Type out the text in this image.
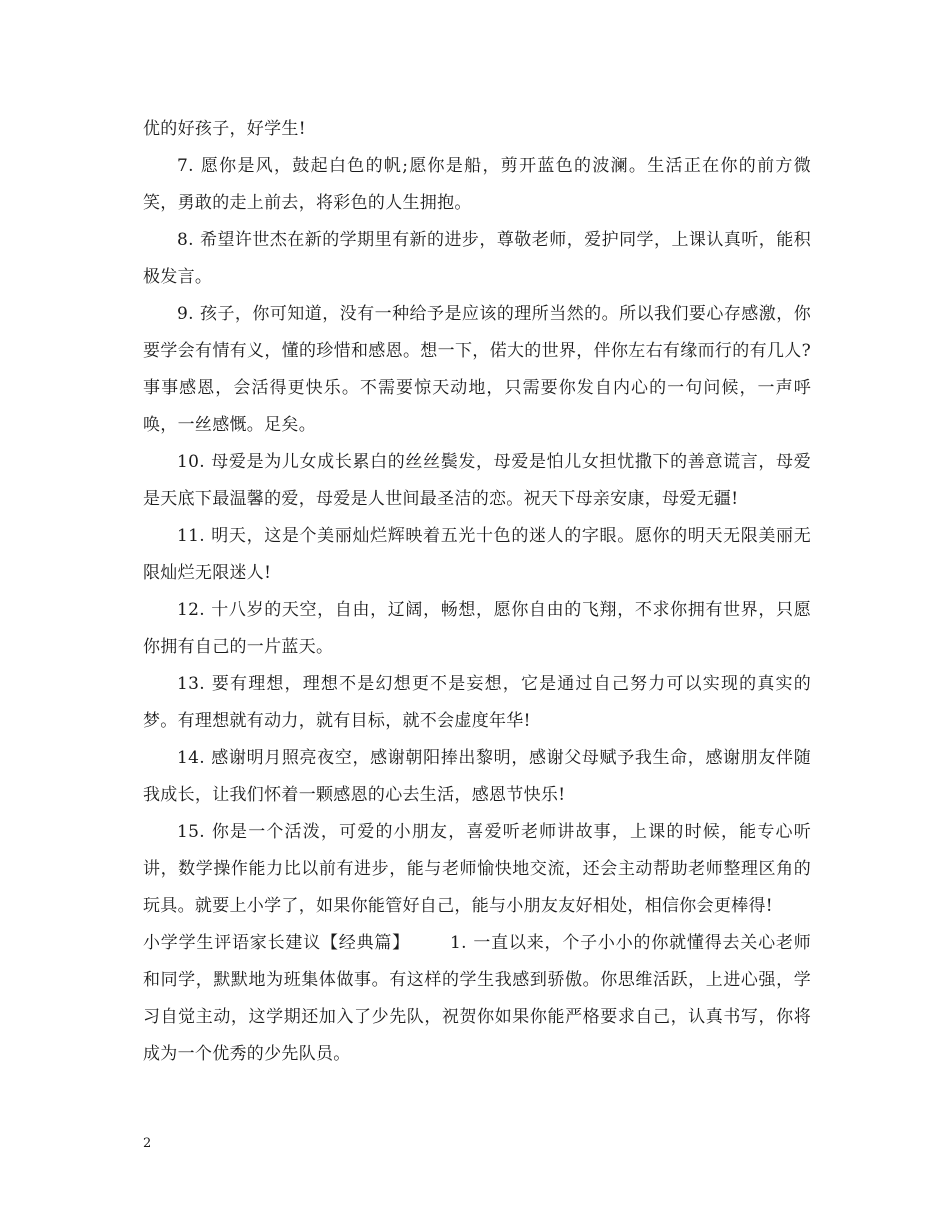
优的好孩子，好学生!

7. 愿你是风，鼓起白色的帆;愿你是船，剪开蓝色的波澜。生活正在你的前方微笑，勇敢的走上前去，将彩色的人生拥抱。

8. 希望许世杰在新的学期里有新的进步，尊敬老师，爱护同学，上课认真听，能积极发言。

9. 孩子，你可知道，没有一种给予是应该的理所当然的。所以我们要心存感激，你要学会有情有义，懂的珍惜和感恩。想一下，偌大的世界，伴你左右有缘而行的有几人?事事感恩，会活得更快乐。不需要惊天动地，只需要你发自内心的一句问候，一声呼唤，一丝感慨。足矣。

10. 母爱是为儿女成长累白的丝丝鬓发，母爱是怕儿女担忧撒下的善意谎言，母爱是天底下最温馨的爱，母爱是人世间最圣洁的恋。祝天下母亲安康，母爱无疆!

11. 明天，这是个美丽灿烂辉映着五光十色的迷人的字眼。愿你的明天无限美丽无限灿烂无限迷人!

12. 十八岁的天空，自由，辽阔，畅想，愿你自由的飞翔，不求你拥有世界，只愿你拥有自己的一片蓝天。

13. 要有理想，理想不是幻想更不是妄想，它是通过自己努力可以实现的真实的梦。有理想就有动力，就有目标，就不会虚度年华!

14. 感谢明月照亮夜空，感谢朝阳捧出黎明，感谢父母赋予我生命，感谢朋友伴随我成长，让我们怀着一颗感恩的心去生活，感恩节快乐!

15. 你是一个活泼，可爱的小朋友，喜爱听老师讲故事，上课的时候，能专心听讲，数学操作能力比以前有进步，能与老师愉快地交流，还会主动帮助老师整理区角的玩具。就要上小学了，如果你能管好自己，能与小朋友友好相处，相信你会更棒得!

小学学生评语家长建议【经典篇】 1. 一直以来，个子小小的你就懂得去关心老师和同学，默默地为班集体做事。有这样的学生我感到骄傲。你思维活跃，上进心强，学习自觉主动，这学期还加入了少先队，祝贺你如果你能严格要求自己，认真书写，你将成为一个优秀的少先队员。

2
